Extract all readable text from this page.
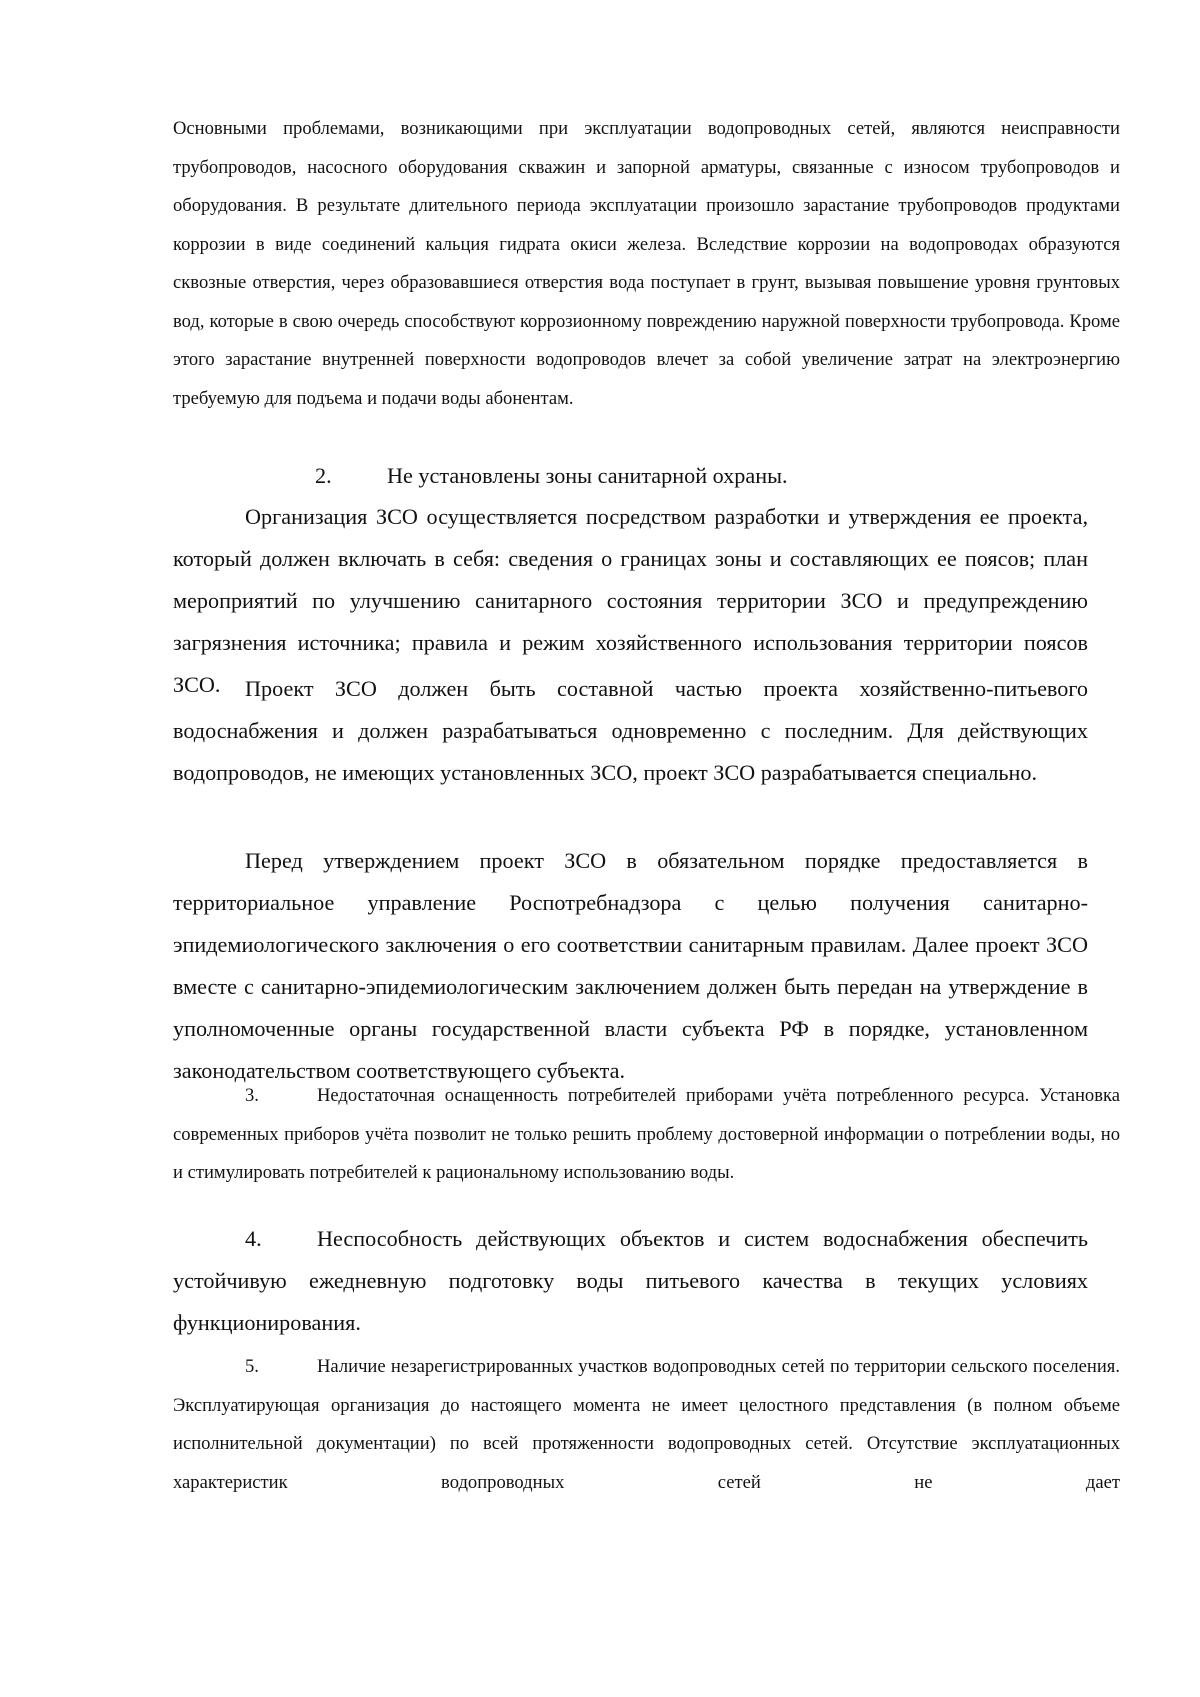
Основными проблемами, возникающими при эксплуатации водопроводных сетей, являются неисправности трубопроводов, насосного оборудования скважин и запорной арматуры, связанные с износом трубопроводов и оборудования. В результате длительного периода эксплуатации произошло зарастание трубопроводов продуктами коррозии в виде соединений кальция гидрата окиси железа. Вследствие коррозии на водопроводах образуются сквозные отверстия, через образовавшиеся отверстия вода поступает в грунт, вызывая повышение уровня грунтовых вод, которые в свою очередь способствуют коррозионному повреждению наружной поверхности трубопровода. Кроме этого зарастание внутренней поверхности водопроводов влечет за собой увеличение затрат на электроэнергию требуемую для подъема и подачи воды абонентам.

2. Не установлены зоны санитарной охраны.

Организация ЗСО осуществляется посредством разработки и утверждения ее проекта, который должен включать в себя: сведения о границах зоны и составляющих ее поясов; план мероприятий по улучшению санитарного состояния территории ЗСО и предупреждению загрязнения источника; правила и режим хозяйственного использования территории поясов ЗСО.	Проект ЗСО должен быть составной частью проекта хозяйственно-питьевого водоснабжения и должен разрабатываться одновременно с последним. Для действующих водопроводов, не имеющих установленных ЗСО, проект ЗСО разрабатывается специально.

Перед утверждением проект ЗСО в обязательном порядке предоставляется в территориальное управление Роспотребнадзора с целью получения санитарно-эпидемиологического заключения о его соответствии санитарным правилам. Далее проект ЗСО вместе с санитарно-эпидемиологическим заключением должен быть передан на утверждение в уполномоченные органы государственной власти субъекта РФ в порядке, установленном законодательством соответствующего субъекта.

3.	Недостаточная оснащенность потребителей приборами учёта потребленного ресурса. Установка современных приборов учёта позволит не только решить проблему достоверной информации о потреблении воды, но и стимулировать потребителей к рациональному использованию воды.

4. Неспособность действующих объектов и систем водоснабжения обеспечить устойчивую ежедневную подготовку воды питьевого качества в текущих условиях функционирования.

5.	Наличие незарегистрированных участков водопроводных сетей по территории сельского поселения. Эксплуатирующая организация до настоящего момента не имеет целостного представления (в полном объеме исполнительной документации) по всей протяженности водопроводных сетей. Отсутствие эксплуатационных характеристик водопроводных сетей не дает
